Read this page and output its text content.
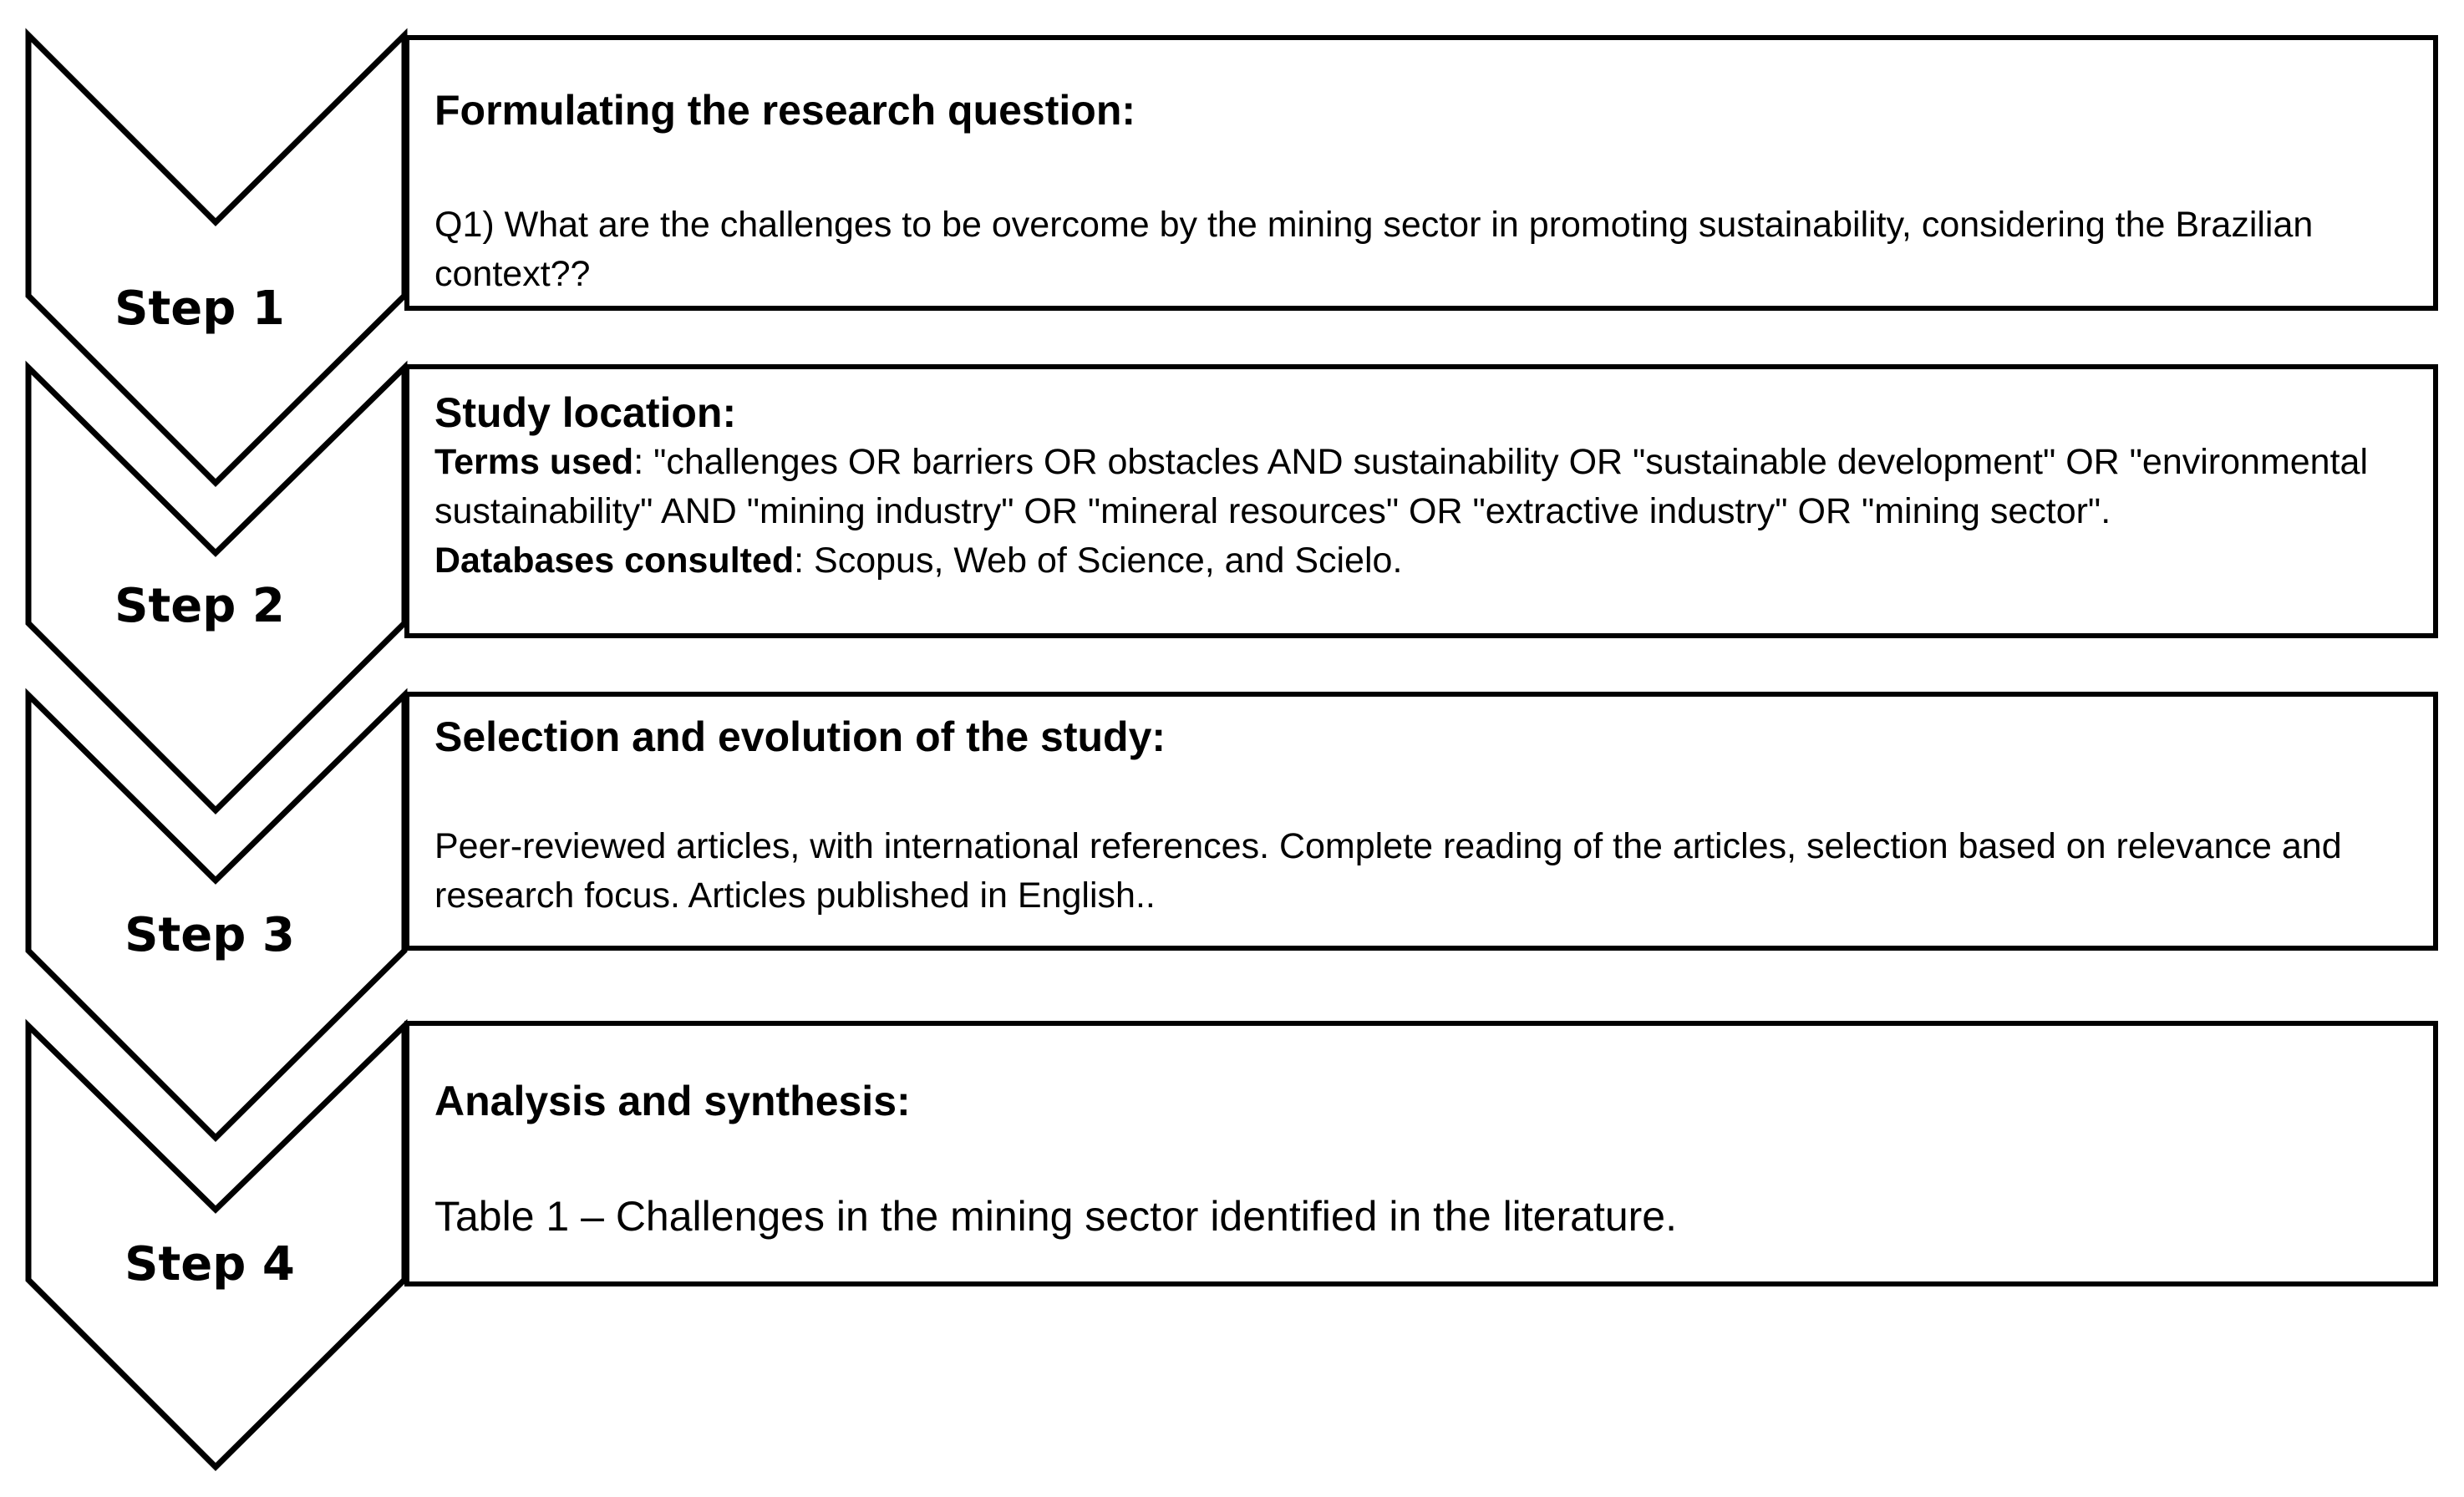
Step 1
Step 2
Step 3
Step 4
Formulating the research question:
Q1) What are the challenges to be overcome by the mining sector in promoting sustainability, considering the Brazilian context??
Study location:
Terms used: "challenges OR barriers OR obstacles AND sustainability OR "sustainable development" OR "environmental sustainability" AND "mining industry" OR "mineral resources" OR "extractive industry" OR "mining sector".
Databases consulted: Scopus, Web of Science, and Scielo.
Selection and evolution of the study:
Peer-reviewed articles, with international references. Complete reading of the articles, selection based on relevance and research focus. Articles published in English..
Analysis and synthesis:
Table 1 – Challenges in the mining sector identified in the literature.
